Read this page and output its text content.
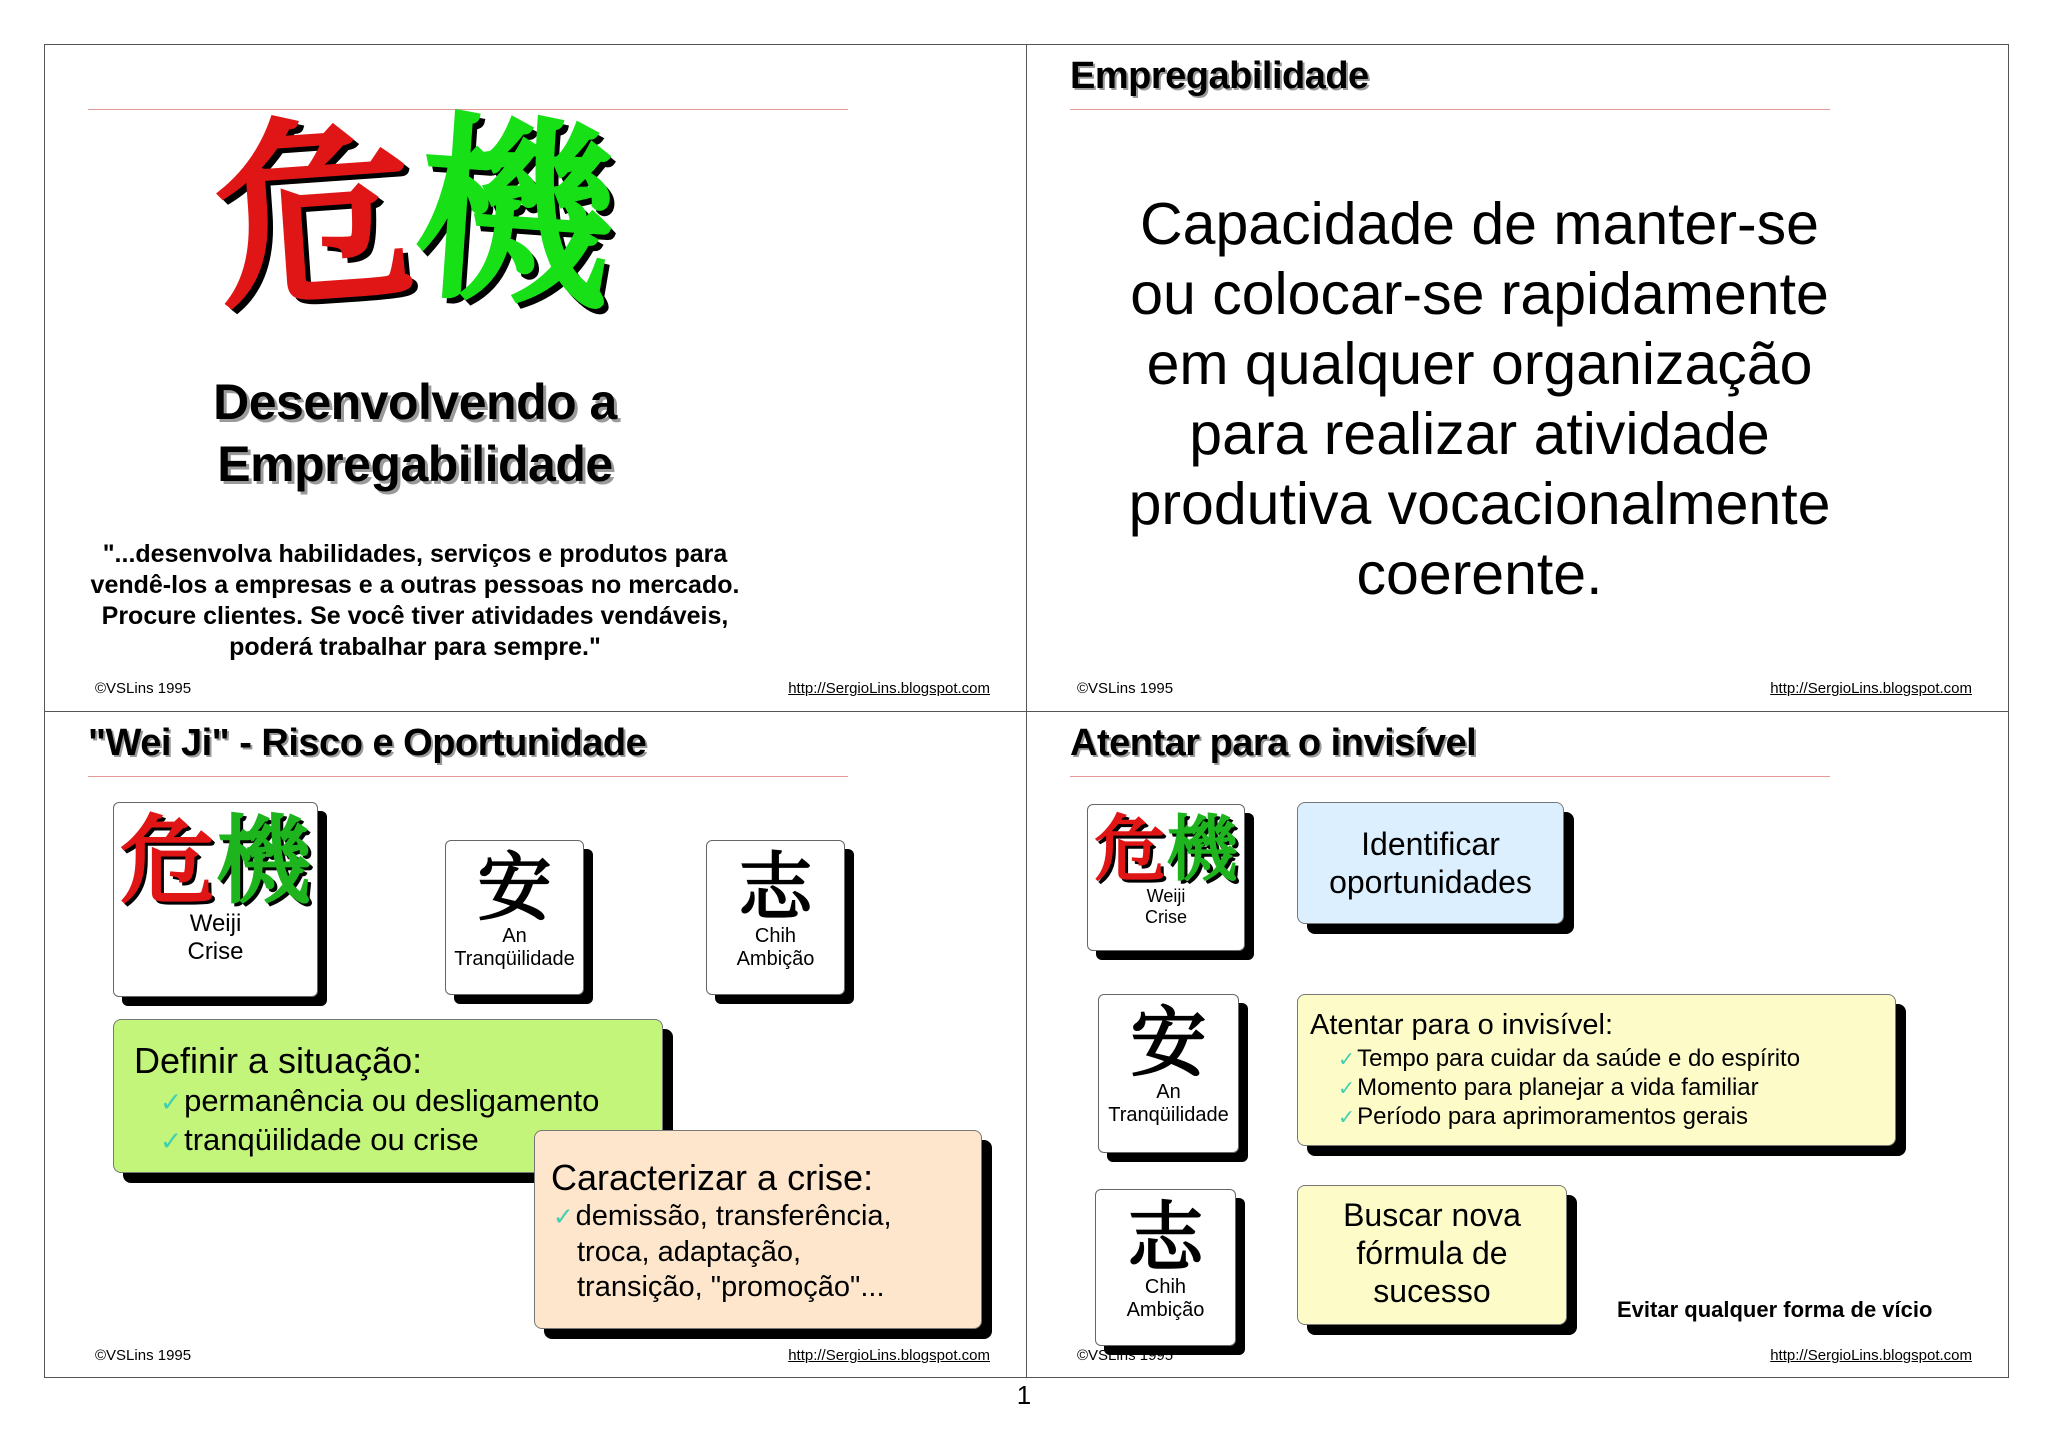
危機
Desenvolvendo a
Empregabilidade
"...desenvolva habilidades, serviços e produtos para
vendê-los a empresas e a outras pessoas no mercado.
Procure clientes. Se você tiver atividades vendáveis,
poderá trabalhar para sempre."
©VSLins 1995	http://SergioLins.blogspot.com
Empregabilidade
Capacidade de manter-se
ou colocar-se rapidamente
em qualquer organização
para realizar atividade
produtiva vocacionalmente
coerente.
©VSLins 1995	http://SergioLins.blogspot.com
"Wei Ji" - Risco e Oportunidade
危機
Weiji
Crise
安
An
Tranqüilidade
志
Chih
Ambição
Definir a situação:
✓permanência ou desligamento
✓tranqüilidade ou crise
Caracterizar a crise:
✓demissão, transferência,
troca, adaptação,
transição, "promoção"...
©VSLins 1995	http://SergioLins.blogspot.com
Atentar para o invisível
危機
Weiji
Crise
安
An
Tranqüilidade
志
Chih
Ambição
Identificar
oportunidades
Atentar para o invisível:
✓Tempo para cuidar da saúde e do espírito
✓Momento para planejar a vida familiar
✓Período para aprimoramentos gerais
Buscar nova
fórmula de
sucesso
Evitar qualquer forma de vício
©VSLins 1995	http://SergioLins.blogspot.com
1
